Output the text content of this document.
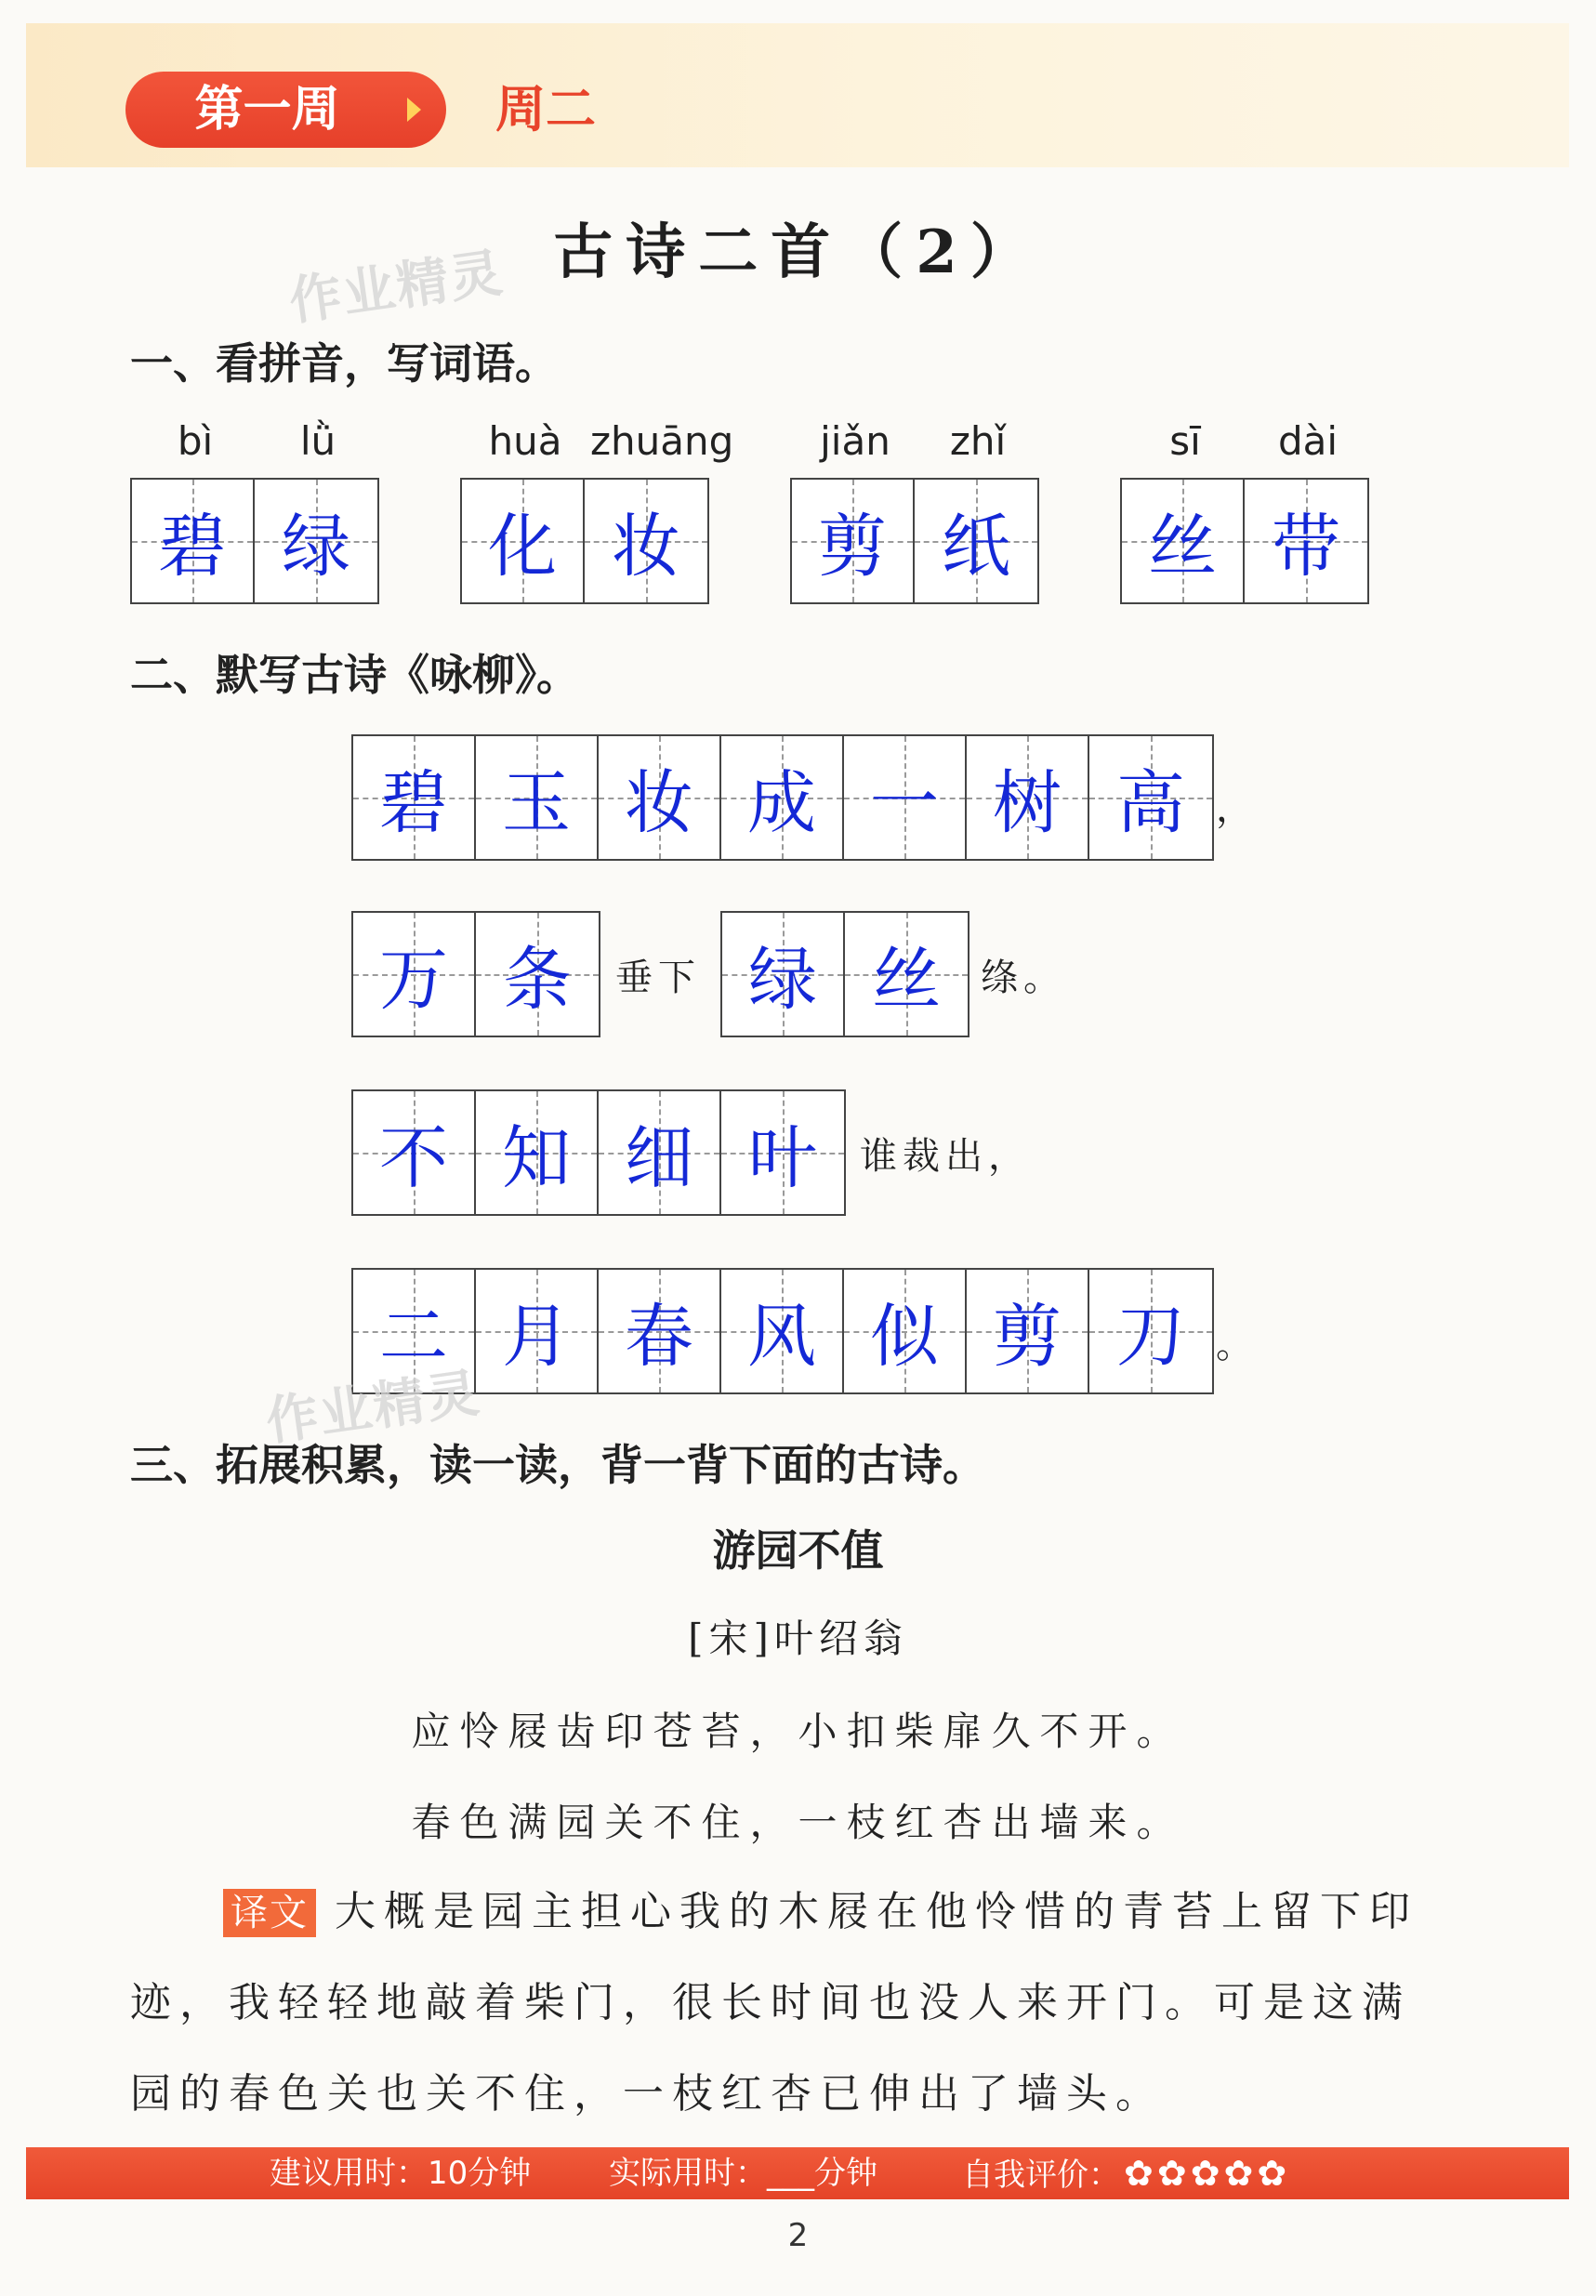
第一周	周二
古诗二首（2）
作业精灵
一、看拼音，写词语。
bì	lǜ	huà zhuāng	jiǎn	zhǐ	sī	dài
碧 绿 化 妆 剪 纸 丝 带
二、默写古诗《咏柳》。
碧 玉 妆 成 一 树 高 ，
万 条 垂下 绿 丝 绦。
不 知 细 叶 谁裁出，
二 月 春 风 似 剪 刀 。
作业精灵
三、拓展积累，读一读，背一背下面的古诗。
游园不值
[宋]叶绍翁
应怜屐齿印苍苔，小扣柴扉久不开。
春色满园关不住，一枝红杏出墙来。
译文 大概是园主担心我的木屐在他怜惜的青苔上留下印迹，我轻轻地敲着柴门，很长时间也没人来开门。可是这满园的春色关也关不住，一枝红杏已伸出了墙头。
建议用时：10分钟 实际用时：___分钟	自我评价： ✿ ✿ ✿ ✿ ✿
2
